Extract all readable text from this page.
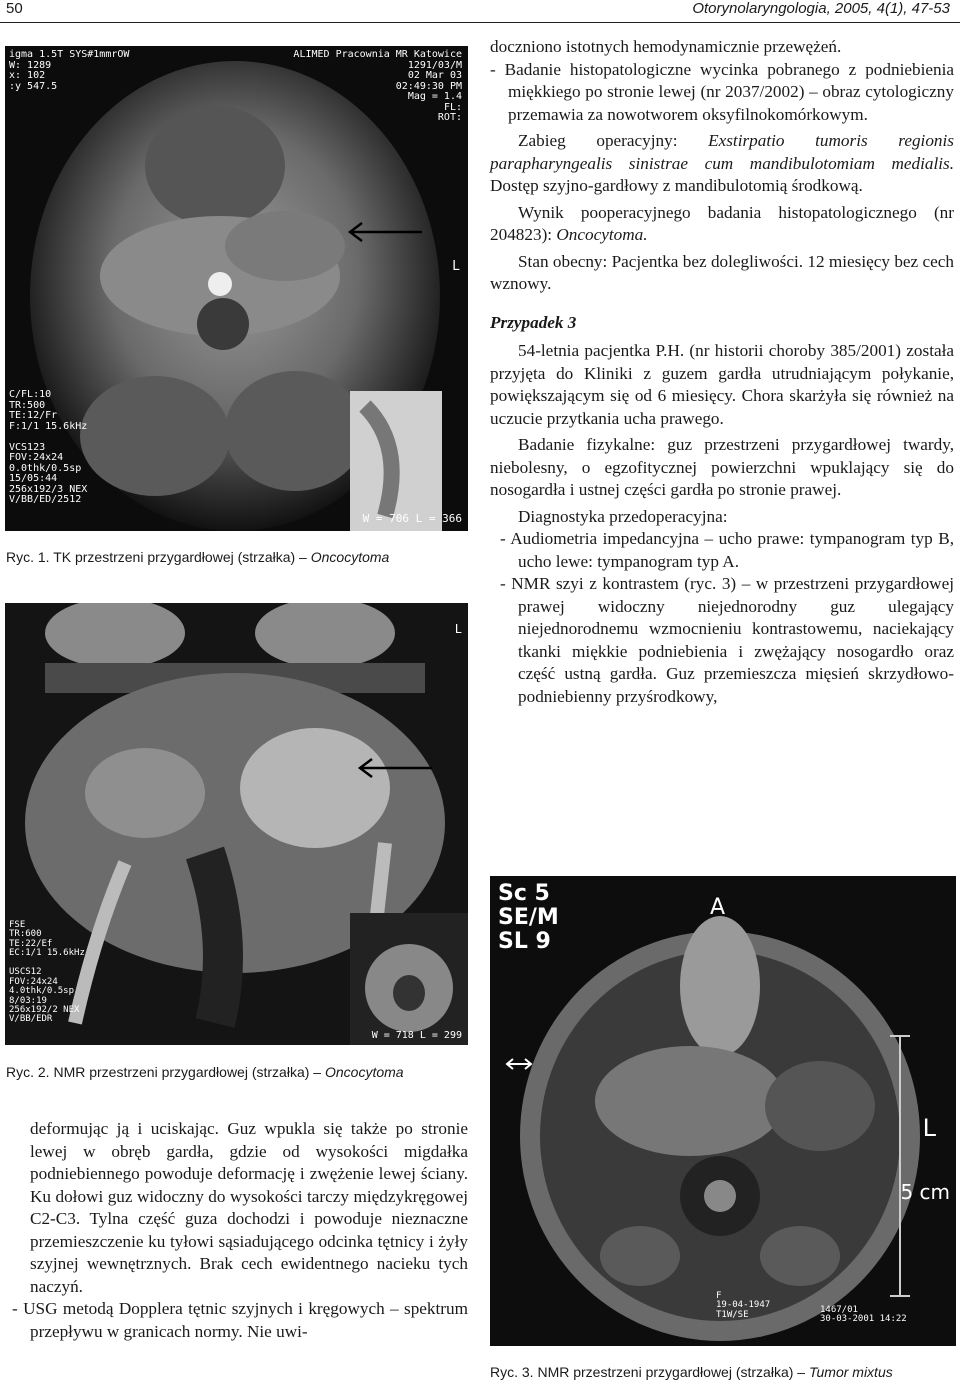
50	Otorynolaryngologia, 2005, 4(1), 47-53
igma 1.5T SYS#1mmrOW
W: 1289
x: 102
:y 547.5
ALIMED Pracownia MR Katowice
1291/03/M
02 Mar 03
02:49:30 PM
Mag = 1.4
FL:
ROT:
C/FL:10
TR:500
TE:12/Fr
F:1/1 15.6kHz

VCS123
FOV:24x24
0.0thk/0.5sp
15/05:44
256x192/3 NEX
V/BB/ED/2512
W = 706 L = 366
L
Ryc. 1. TK przestrzeni przygardłowej (strzałka) – Oncocytoma
FSE
TR:600
TE:22/Ef
EC:1/1 15.6kHz

USCS12
FOV:24x24
4.0thk/0.5sp
8/03:19
256x192/2 NEX
V/BB/EDR
W = 718 L = 299
L
Ryc. 2. NMR przestrzeni przygardłowej (strzałka) – Oncocytoma
Sc 5
SE/M
SL 9
A
L
5 cm
F
19-04-1947
T1W/SE	1467/01
30-03-2001 14:22
Ryc. 3. NMR przestrzeni przygardłowej (strzałka) – Tumor mixtus

doczniono istotnych hemodynamicznie przewężeń.

- Badanie histopatologiczne wycinka pobranego z podniebienia miękkiego po stronie lewej (nr 2037/2002) – obraz cytologiczny przemawia za nowotworem oksyfilnokomórkowym.

Zabieg operacyjny: Exstirpatio tumoris regionis parapharyngealis sinistrae cum mandibulotomiam medialis. Dostęp szyjno-gardłowy z mandibulotomią środkową.

Wynik pooperacyjnego badania histopatologicznego (nr 204823): Oncocytoma.

Stan obecny: Pacjentka bez dolegliwości. 12 miesięcy bez cech wznowy.

Przypadek 3

54-letnia pacjentka P.H. (nr historii choroby 385/2001) została przyjęta do Kliniki z guzem gardła utrudniającym połykanie, powiększającym się od 6 miesięcy. Chora skarżyła się również na uczucie przytkania ucha prawego.

Badanie fizykalne: guz przestrzeni przygardłowej twardy, niebolesny, o egzofitycznej powierzchni wpuklający się do nosogardła i ustnej części gardła po stronie prawej.

Diagnostyka przedoperacyjna:

- Audiometria impedancyjna – ucho prawe: tympanogram typ B, ucho lewe: tympanogram typ A.

- NMR szyi z kontrastem (ryc. 3) – w przestrzeni przygardłowej prawej widoczny niejednorodny guz ulegający niejednorodnemu wzmocnieniu kontrastowemu, naciekający tkanki miękkie podniebienia i zwężający nosogardło oraz część ustną gardła. Guz przemieszcza mięsień skrzydłowo-podniebienny przyśrodkowy,

deformując ją i uciskając. Guz wpukla się także po stronie lewej w obręb gardła, gdzie od wysokości migdałka podniebiennego powoduje deformację i zwężenie lewej ściany. Ku dołowi guz widoczny do wysokości tarczy międzykręgowej C2-C3. Tylna część guza dochodzi i powoduje nieznaczne przemieszczenie ku tyłowi sąsiadującego odcinka tętnicy i żyły szyjnej wewnętrznych. Brak cech ewidentnego nacieku tych naczyń.

- USG metodą Dopplera tętnic szyjnych i kręgowych – spektrum przepływu w granicach normy. Nie uwi-
